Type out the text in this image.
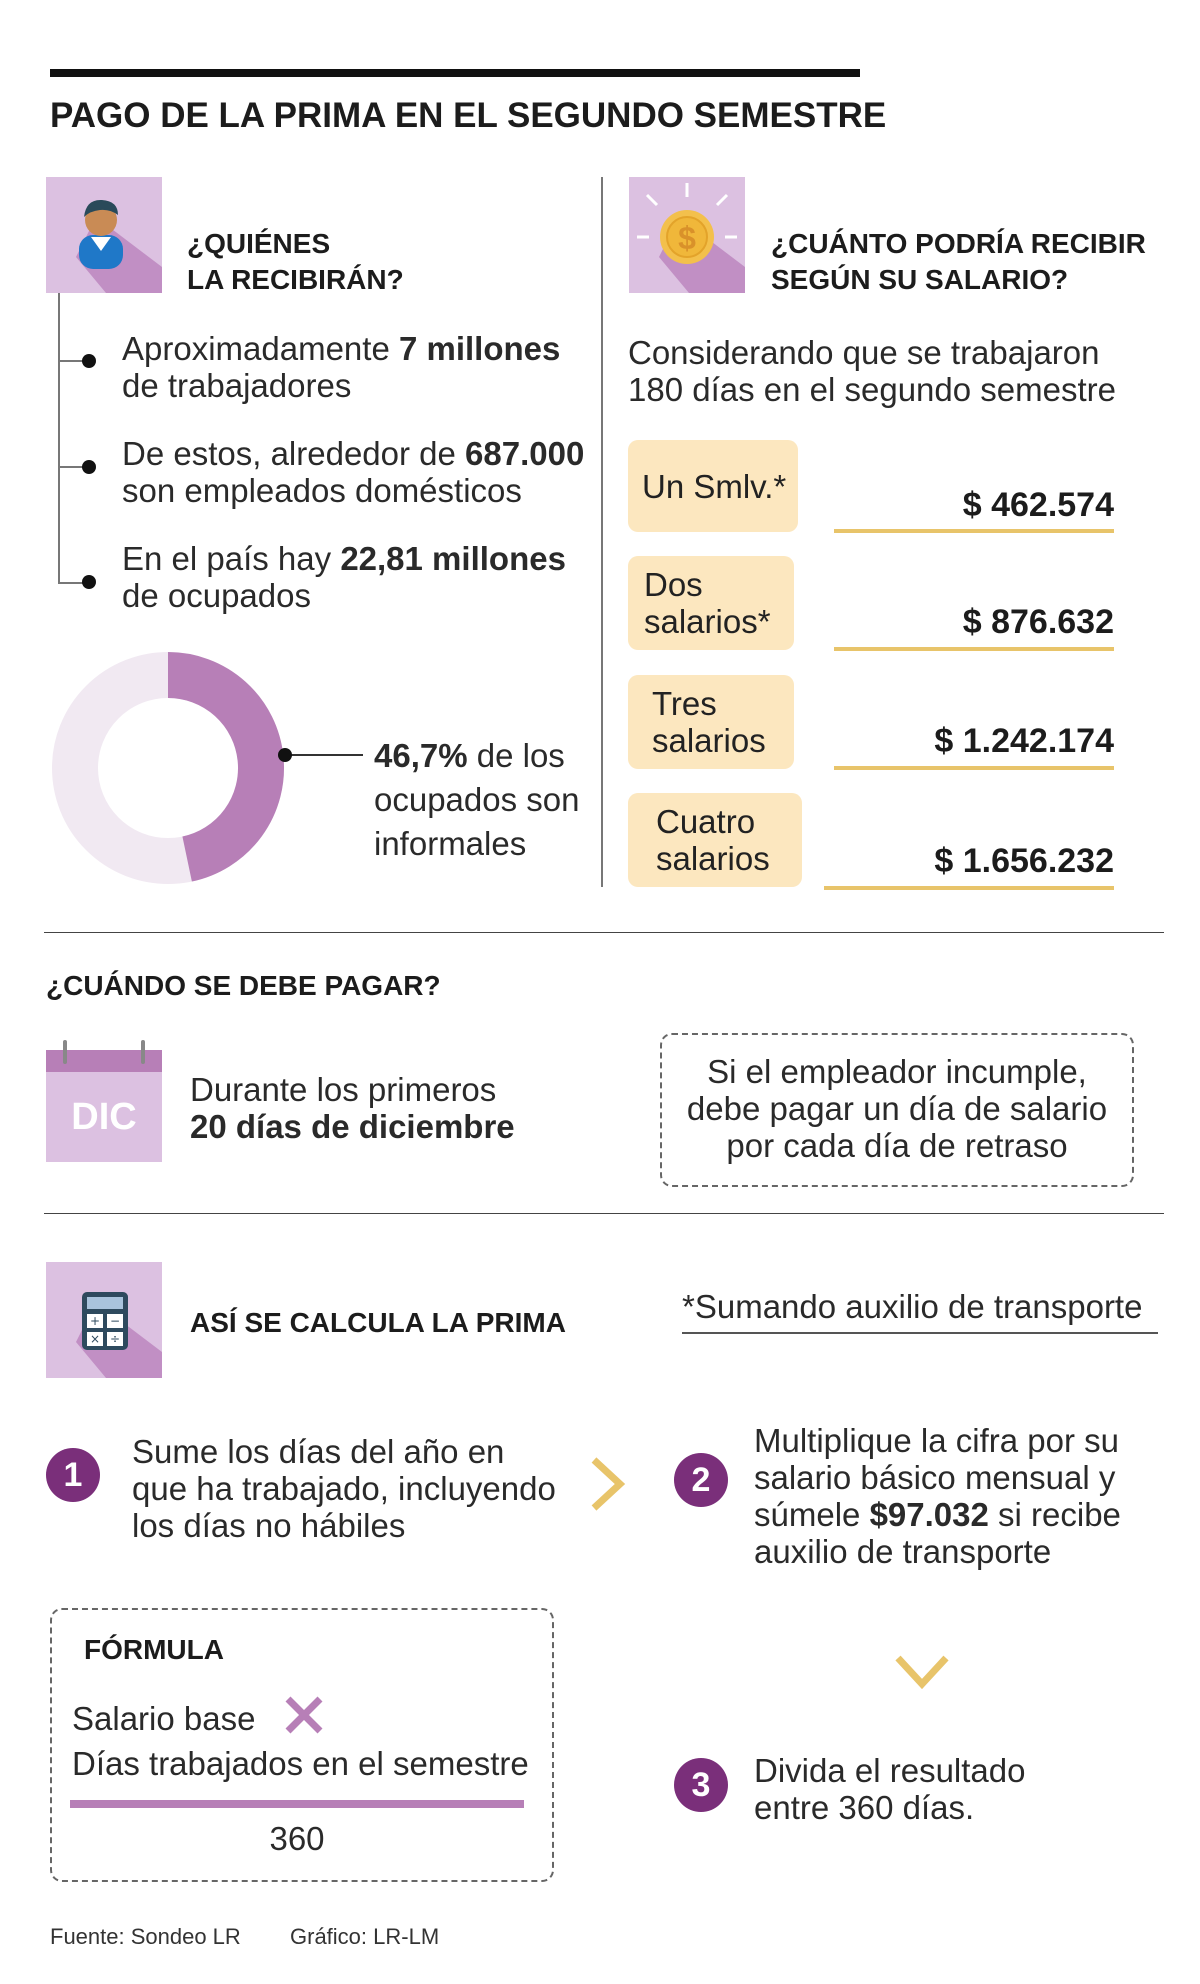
PAGO DE LA PRIMA EN EL SEGUNDO SEMESTRE
¿QUIÉNES
LA RECIBIRÁN?
Aproximadamente 7 millones
de trabajadores
De estos, alrededor de 687.000
son empleados domésticos
En el país hay 22,81 millones
de ocupados
46,7% de los
ocupados son
informales
$	¿CUÁNTO PODRÍA RECIBIR
SEGÚN SU SALARIO?
Considerando que se trabajaron
180 días en el segundo semestre
Un Smlv.*	$ 462.574
Dos
salarios*	$ 876.632
Tres
salarios	$ 1.242.174
Cuatro
salarios	$ 1.656.232
¿CUÁNDO SE DEBE PAGAR?
DIC
Durante los primeros
20 días de diciembre
Si el empleador incumple,
debe pagar un día de salario
por cada día de retraso
+ −
× ÷
ASÍ SE CALCULA LA PRIMA	*Sumando auxilio de transporte
1
Sume los días del año en
que ha trabajado, incluyendo
los días no hábiles
2
Multiplique la cifra por su
salario básico mensual y
súmele $97.032 si recibe
auxilio de transporte
3	Divida el resultado
entre 360 días.
FÓRMULA
Salario base
Días trabajados en el semestre
360
Fuente: Sondeo LR Gráfico: LR-LM
